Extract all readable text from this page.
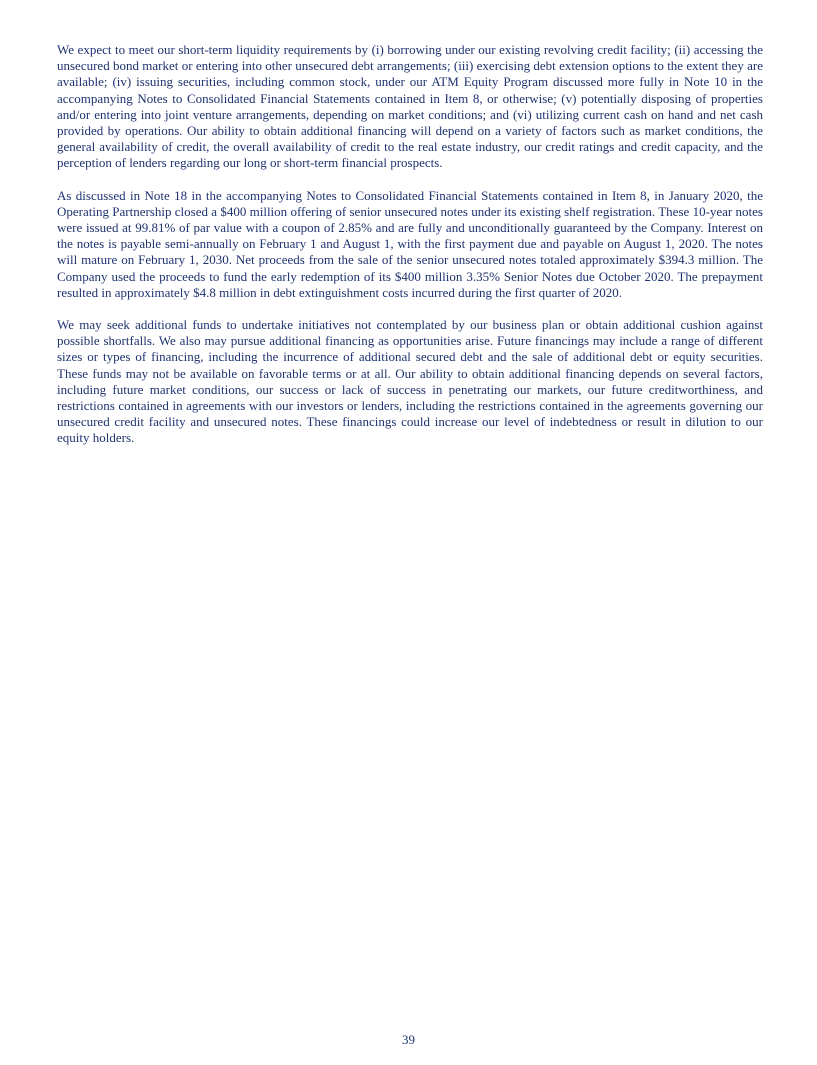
We expect to meet our short-term liquidity requirements by (i) borrowing under our existing revolving credit facility; (ii) accessing the unsecured bond market or entering into other unsecured debt arrangements; (iii) exercising debt extension options to the extent they are available; (iv) issuing securities, including common stock, under our ATM Equity Program discussed more fully in Note 10 in the accompanying Notes to Consolidated Financial Statements contained in Item 8, or otherwise; (v) potentially disposing of properties and/or entering into joint venture arrangements, depending on market conditions; and (vi) utilizing current cash on hand and net cash provided by operations. Our ability to obtain additional financing will depend on a variety of factors such as market conditions, the general availability of credit, the overall availability of credit to the real estate industry, our credit ratings and credit capacity, and the perception of lenders regarding our long or short-term financial prospects.

As discussed in Note 18 in the accompanying Notes to Consolidated Financial Statements contained in Item 8, in January 2020, the Operating Partnership closed a $400 million offering of senior unsecured notes under its existing shelf registration. These 10-year notes were issued at 99.81% of par value with a coupon of 2.85% and are fully and unconditionally guaranteed by the Company. Interest on the notes is payable semi-annually on February 1 and August 1, with the first payment due and payable on August 1, 2020. The notes will mature on February 1, 2030. Net proceeds from the sale of the senior unsecured notes totaled approximately $394.3 million. The Company used the proceeds to fund the early redemption of its $400 million 3.35% Senior Notes due October 2020. The prepayment resulted in approximately $4.8 million in debt extinguishment costs incurred during the first quarter of 2020.

We may seek additional funds to undertake initiatives not contemplated by our business plan or obtain additional cushion against possible shortfalls. We also may pursue additional financing as opportunities arise. Future financings may include a range of different sizes or types of financing, including the incurrence of additional secured debt and the sale of additional debt or equity securities. These funds may not be available on favorable terms or at all. Our ability to obtain additional financing depends on several factors, including future market conditions, our success or lack of success in penetrating our markets, our future creditworthiness, and restrictions contained in agreements with our investors or lenders, including the restrictions contained in the agreements governing our unsecured credit facility and unsecured notes. These financings could increase our level of indebtedness or result in dilution to our equity holders.

39
